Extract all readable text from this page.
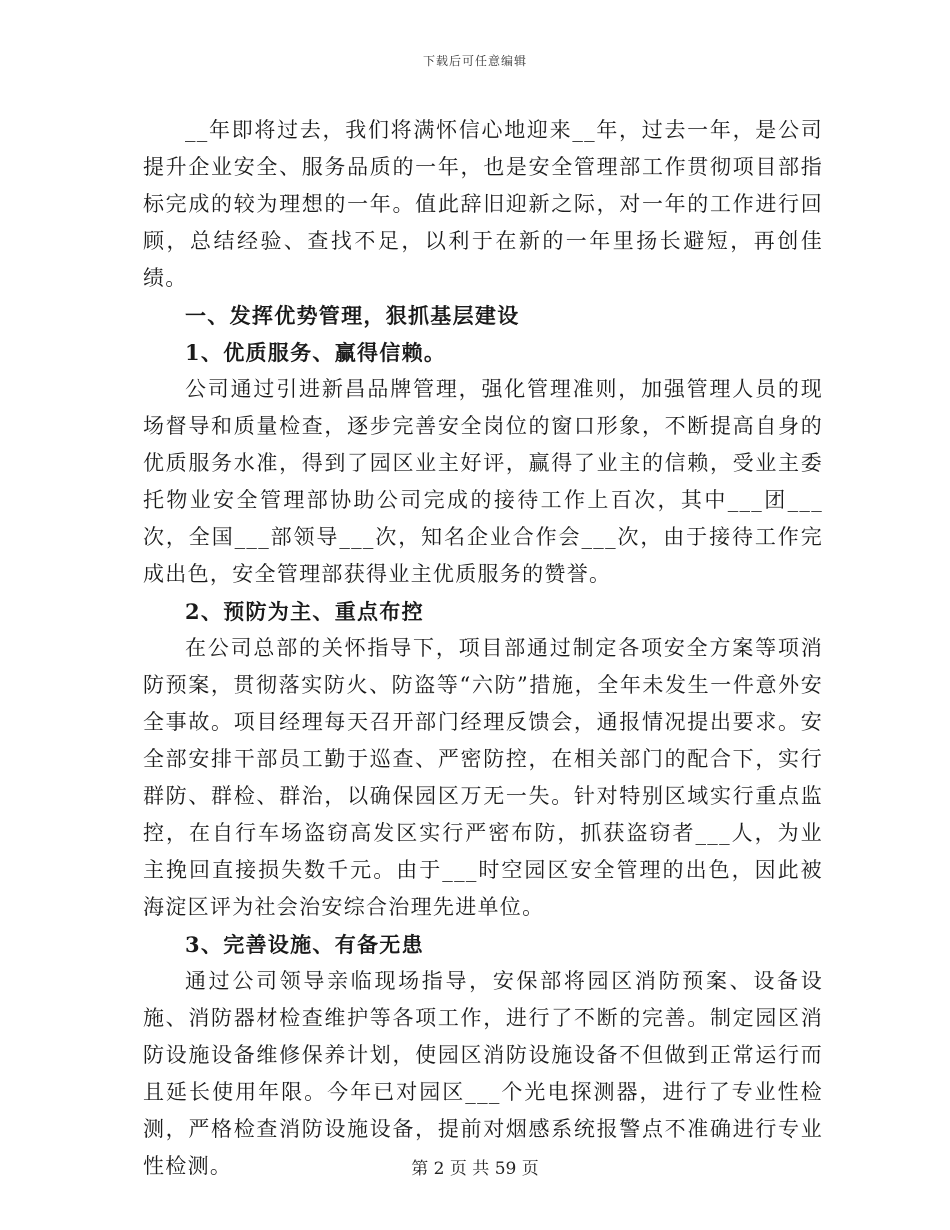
下载后可任意编辑

__年即将过去，我们将满怀信心地迎来__年，过去一年，是公司提升企业安全、服务品质的一年，也是安全管理部工作贯彻项目部指标完成的较为理想的一年。值此辞旧迎新之际，对一年的工作进行回顾，总结经验、查找不足，以利于在新的一年里扬长避短，再创佳绩。

一、发挥优势管理，狠抓基层建设

1、优质服务、赢得信赖。

公司通过引进新昌品牌管理，强化管理准则，加强管理人员的现场督导和质量检查，逐步完善安全岗位的窗口形象，不断提高自身的优质服务水准，得到了园区业主好评，赢得了业主的信赖，受业主委托物业安全管理部协助公司完成的接待工作上百次，其中___团___次，全国___部领导___次，知名企业合作会___次，由于接待工作完成出色，安全管理部获得业主优质服务的赞誉。

2、预防为主、重点布控

在公司总部的关怀指导下，项目部通过制定各项安全方案等项消防预案，贯彻落实防火、防盗等“六防”措施，全年未发生一件意外安全事故。项目经理每天召开部门经理反馈会，通报情况提出要求。安全部安排干部员工勤于巡查、严密防控，在相关部门的配合下，实行群防、群检、群治，以确保园区万无一失。针对特别区域实行重点监控，在自行车场盗窃高发区实行严密布防，抓获盗窃者___人，为业主挽回直接损失数千元。由于___时空园区安全管理的出色，因此被海淀区评为社会治安综合治理先进单位。

3、完善设施、有备无患

通过公司领导亲临现场指导，安保部将园区消防预案、设备设施、消防器材检查维护等各项工作，进行了不断的完善。制定园区消防设施设备维修保养计划，使园区消防设施设备不但做到正常运行而且延长使用年限。今年已对园区___个光电探测器，进行了专业性检测，严格检查消防设施设备，提前对烟感系统报警点不准确进行专业性检测。	第 2 页 共 59 页
